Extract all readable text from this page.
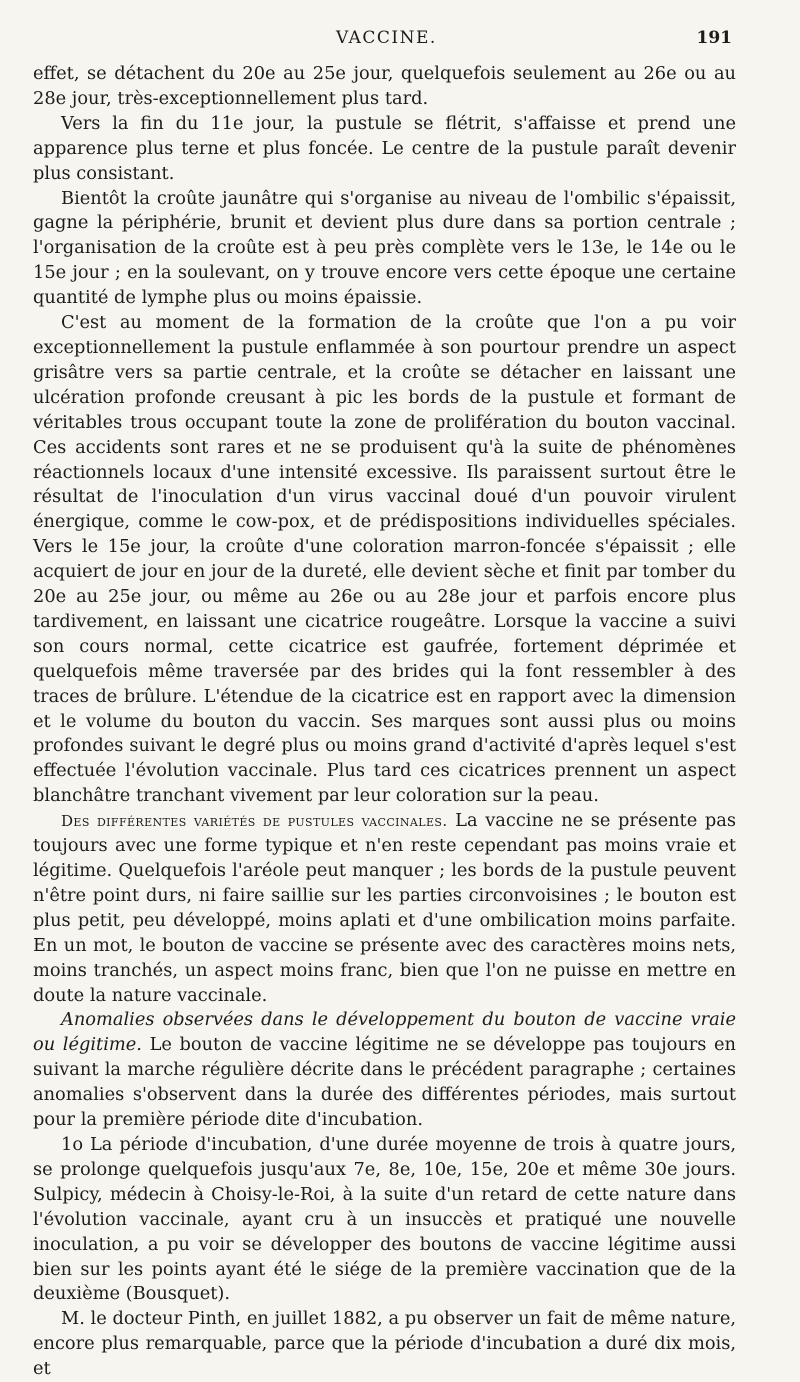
VACCINE.	191

effet, se détachent du 20e au 25e jour, quelquefois seulement au 26e ou au 28e jour, très-exceptionnellement plus tard.

Vers la fin du 11e jour, la pustule se flétrit, s'affaisse et prend une apparence plus terne et plus foncée. Le centre de la pustule paraît devenir plus consistant.

Bientôt la croûte jaunâtre qui s'organise au niveau de l'ombilic s'épaissit, gagne la périphérie, brunit et devient plus dure dans sa portion centrale ; l'organisation de la croûte est à peu près complète vers le 13e, le 14e ou le 15e jour ; en la soulevant, on y trouve encore vers cette époque une certaine quantité de lymphe plus ou moins épaissie.

C'est au moment de la formation de la croûte que l'on a pu voir exceptionnellement la pustule enflammée à son pourtour prendre un aspect grisâtre vers sa partie centrale, et la croûte se détacher en laissant une ulcération profonde creusant à pic les bords de la pustule et formant de véritables trous occupant toute la zone de prolifération du bouton vaccinal. Ces accidents sont rares et ne se produisent qu'à la suite de phénomènes réactionnels locaux d'une intensité excessive. Ils paraissent surtout être le résultat de l'inoculation d'un virus vaccinal doué d'un pouvoir virulent énergique, comme le cow-pox, et de prédispositions individuelles spéciales. Vers le 15e jour, la croûte d'une coloration marron-foncée s'épaissit ; elle acquiert de jour en jour de la dureté, elle devient sèche et finit par tomber du 20e au 25e jour, ou même au 26e ou au 28e jour et parfois encore plus tardivement, en laissant une cicatrice rougeâtre. Lorsque la vaccine a suivi son cours normal, cette cicatrice est gaufrée, fortement déprimée et quelquefois même traversée par des brides qui la font ressembler à des traces de brûlure. L'étendue de la cicatrice est en rapport avec la dimension et le volume du bouton du vaccin. Ses marques sont aussi plus ou moins profondes suivant le degré plus ou moins grand d'activité d'après lequel s'est effectuée l'évolution vaccinale. Plus tard ces cicatrices prennent un aspect blanchâtre tranchant vivement par leur coloration sur la peau.

Des différentes variétés de pustules vaccinales. La vaccine ne se présente pas toujours avec une forme typique et n'en reste cependant pas moins vraie et légitime. Quelquefois l'aréole peut manquer ; les bords de la pustule peuvent n'être point durs, ni faire saillie sur les parties circonvoisines ; le bouton est plus petit, peu développé, moins aplati et d'une ombilication moins parfaite. En un mot, le bouton de vaccine se présente avec des caractères moins nets, moins tranchés, un aspect moins franc, bien que l'on ne puisse en mettre en doute la nature vaccinale.

Anomalies observées dans le développement du bouton de vaccine vraie ou légitime. Le bouton de vaccine légitime ne se développe pas toujours en suivant la marche régulière décrite dans le précédent paragraphe ; certaines anomalies s'observent dans la durée des différentes périodes, mais surtout pour la première période dite d'incubation.

1o La période d'incubation, d'une durée moyenne de trois à quatre jours, se prolonge quelquefois jusqu'aux 7e, 8e, 10e, 15e, 20e et même 30e jours. Sulpicy, médecin à Choisy-le-Roi, à la suite d'un retard de cette nature dans l'évolution vaccinale, ayant cru à un insuccès et pratiqué une nouvelle inoculation, a pu voir se développer des boutons de vaccine légitime aussi bien sur les points ayant été le siége de la première vaccination que de la deuxième (Bousquet).

M. le docteur Pinth, en juillet 1882, a pu observer un fait de même nature, encore plus remarquable, parce que la période d'incubation a duré dix mois, et
